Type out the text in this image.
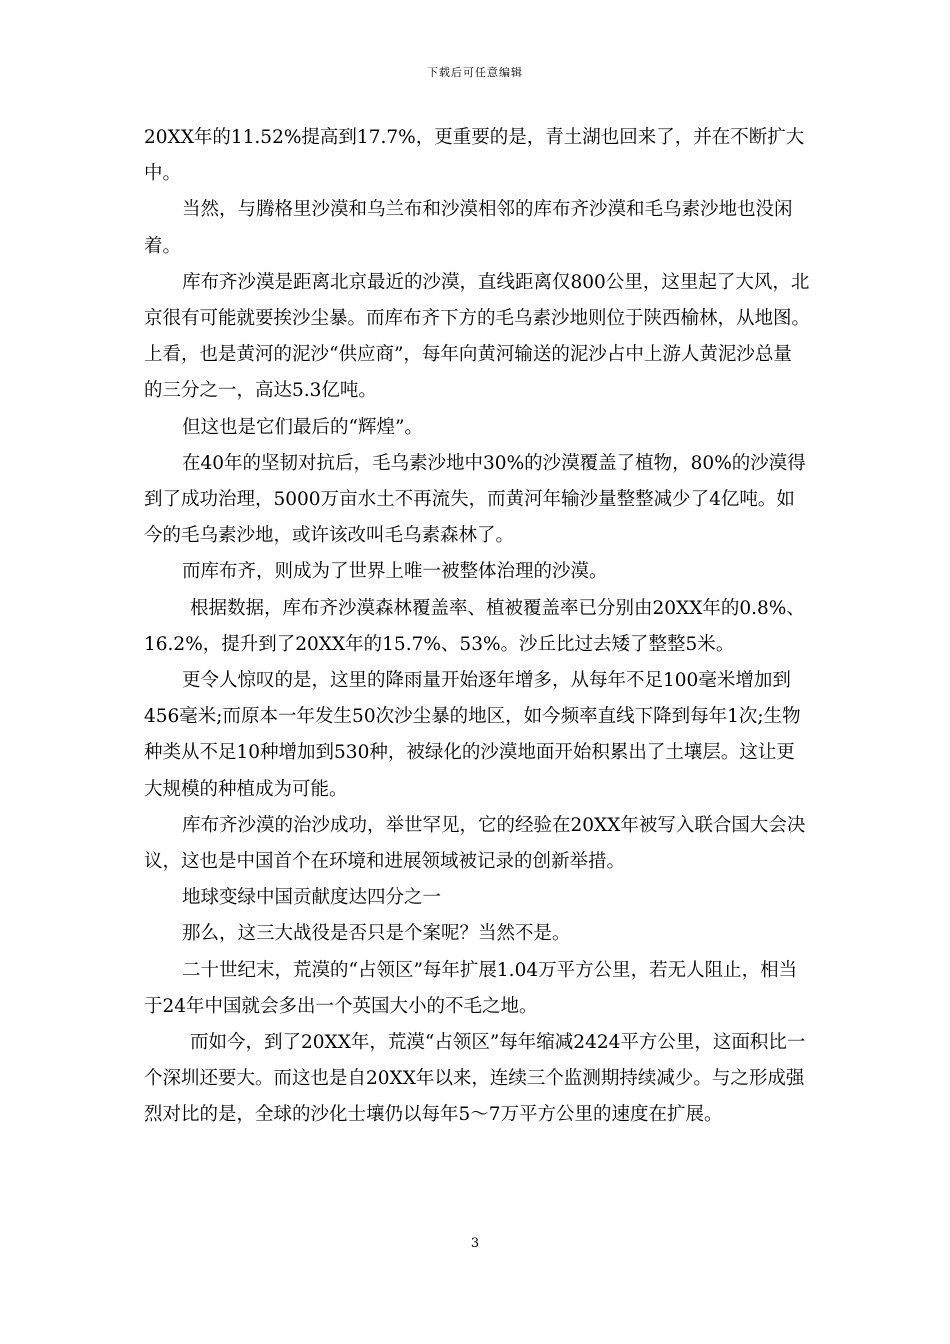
下载后可任意编辑

20XX年的11.52%提高到17.7%，更重要的是，青土湖也回来了，并在不断扩大中。

当然，与腾格里沙漠和乌兰布和沙漠相邻的库布齐沙漠和毛乌素沙地也没闲着。

库布齐沙漠是距离北京最近的沙漠，直线距离仅800公里，这里起了大风，北京很有可能就要挨沙尘暴。而库布齐下方的毛乌素沙地则位于陕西榆林，从地图。上看，也是黄河的泥沙“供应商”，每年向黄河输送的泥沙占中上游人黄泥沙总量的三分之一，高达5.3亿吨。

但这也是它们最后的“辉煌”。

在40年的坚韧对抗后，毛乌素沙地中30%的沙漠覆盖了植物，80%的沙漠得到了成功治理，5000万亩水土不再流失，而黄河年输沙量整整减少了4亿吨。如今的毛乌素沙地，或许该改叫毛乌素森林了。

而库布齐，则成为了世界上唯一被整体治理的沙漠。

根据数据，库布齐沙漠森林覆盖率、植被覆盖率已分别由20XX年的0.8%、16.2%，提升到了20XX年的15.7%、53%。沙丘比过去矮了整整5米。

更令人惊叹的是，这里的降雨量开始逐年增多，从每年不足100毫米增加到456毫米;而原本一年发生50次沙尘暴的地区，如今频率直线下降到每年1次;生物种类从不足10种增加到530种，被绿化的沙漠地面开始积累出了土壤层。这让更大规模的种植成为可能。

库布齐沙漠的治沙成功，举世罕见，它的经验在20XX年被写入联合国大会决议，这也是中国首个在环境和进展领域被记录的创新举措。

地球变绿中国贡献度达四分之一

那么，这三大战役是否只是个案呢？当然不是。

二十世纪末，荒漠的“占领区”每年扩展1.04万平方公里，若无人阻止，相当于24年中国就会多出一个英国大小的不毛之地。

而如今，到了20XX年，荒漠“占领区”每年缩减2424平方公里，这面积比一个深圳还要大。而这也是自20XX年以来，连续三个监测期持续减少。与之形成强烈对比的是，全球的沙化士壤仍以每年5～7万平方公里的速度在扩展。

3
